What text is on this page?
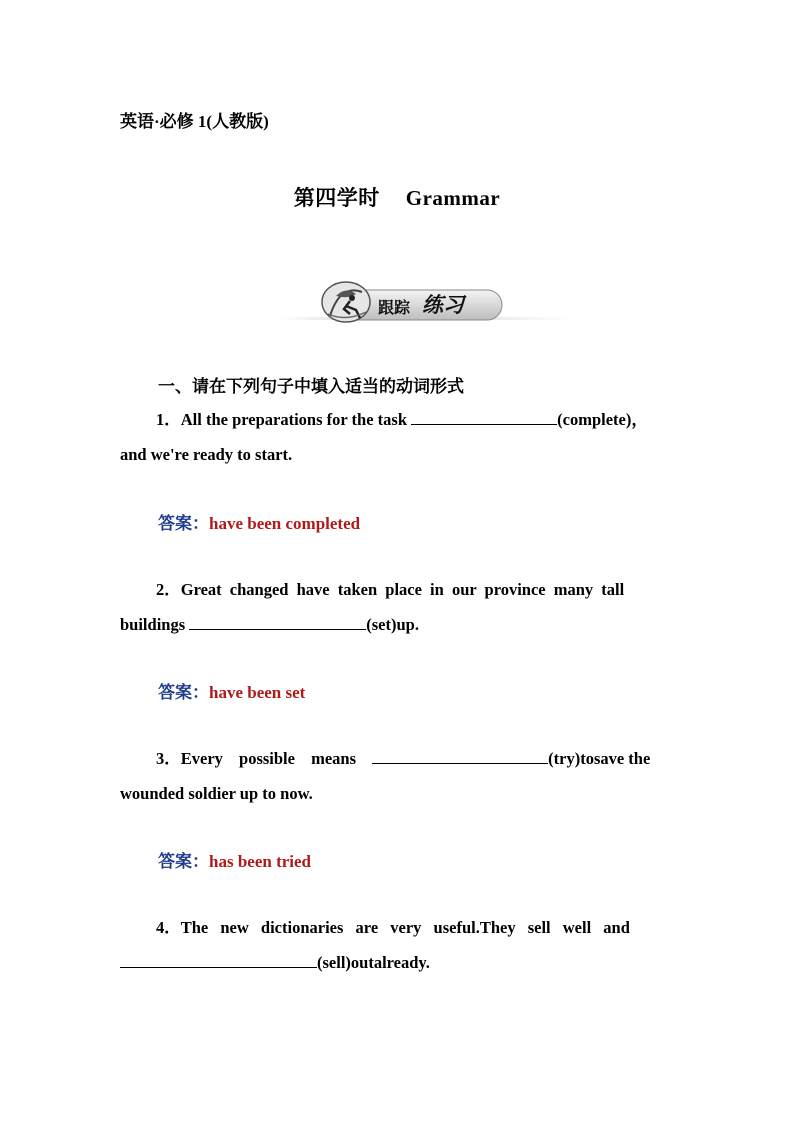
英语·必修 1(人教版)
第四学时 Grammar
跟踪 练习
一、请在下列句子中填入适当的动词形式
1．All the preparations for the task	(complete)，
and we're ready to start.
答案：have been completed
2．Great changed have taken place in our province many tall
buildings	(set)up.
答案：have been set
3．Every possible means	(try)tosave the
wounded soldier up to now.
答案：has been tried
4．The new dictionaries are very useful.They sell well and
(sell)outalready.
